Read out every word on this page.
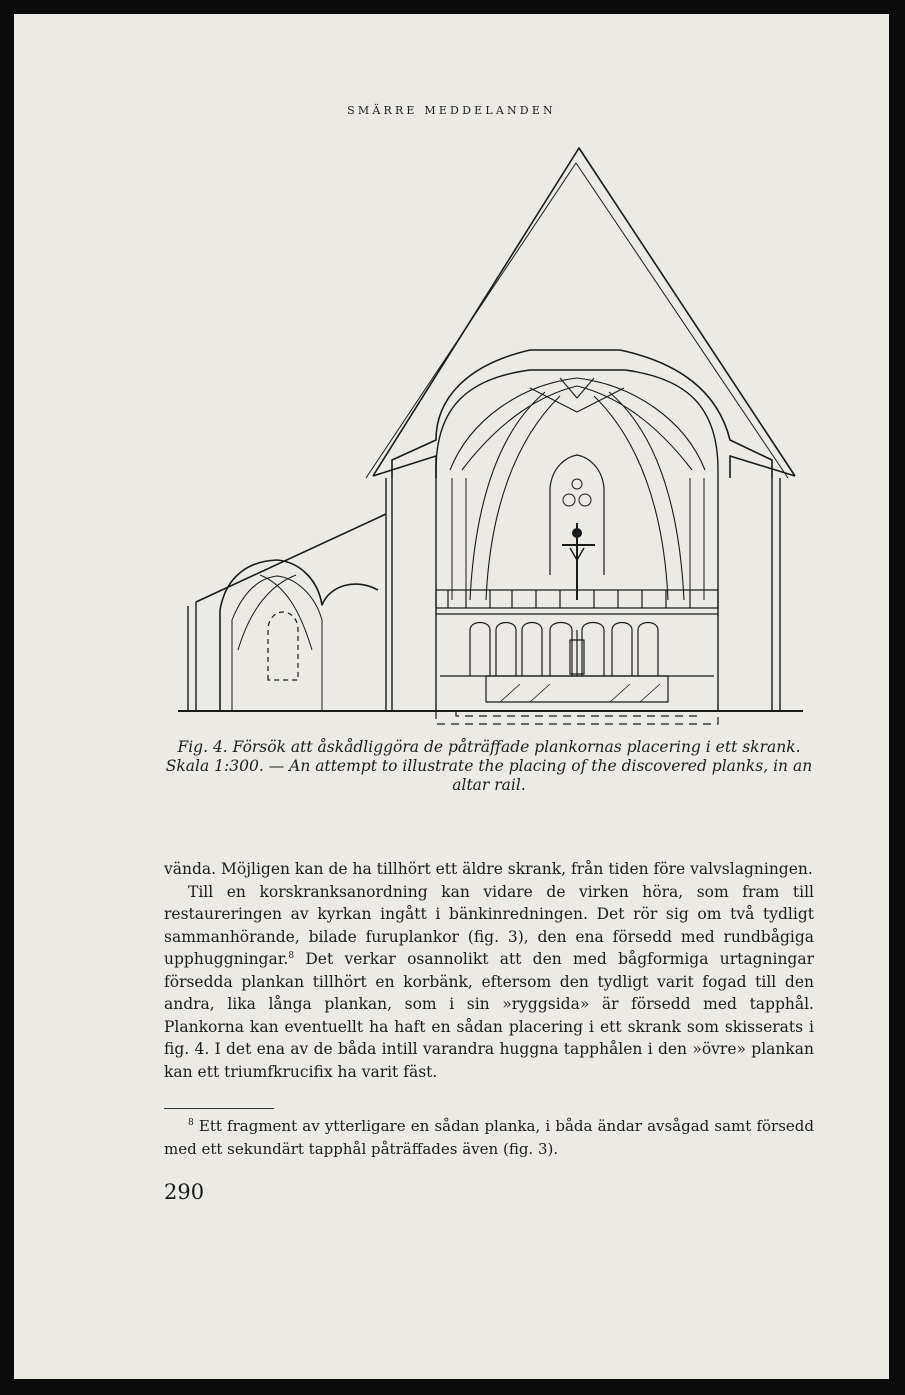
SMÄRRE MEDDELANDEN
Fig. 4. Försök att åskådliggöra de påträffade plankornas placering i ett skrank. Skala 1:300. — An attempt to illustrate the placing of the discovered planks, in an altar rail.

vända. Möjligen kan de ha tillhört ett äldre skrank, från tiden före valvslagningen.

Till en korskranksanordning kan vidare de virken höra, som fram till restaureringen av kyrkan ingått i bänkinredningen. Det rör sig om två tydligt sammanhörande, bilade furuplankor (fig. 3), den ena försedd med rundbågiga upphuggningar.$^8$ Det verkar osannolikt att den med bågformiga urtagningar försedda plankan tillhört en korbänk, eftersom den tydligt varit fogad till den andra, lika långa plankan, som i sin »ryggsida» är försedd med tapphål. Plankorna kan eventuellt ha haft en sådan placering i ett skrank som skisserats i fig. 4. I det ena av de båda intill varandra huggna tapphålen i den »övre» plankan kan ett triumfkrucifix ha varit fäst.

$^8$ Ett fragment av ytterligare en sådan planka, i båda ändar avsågad samt försedd med ett sekundärt tapphål påträffades även (fig. 3).
290
